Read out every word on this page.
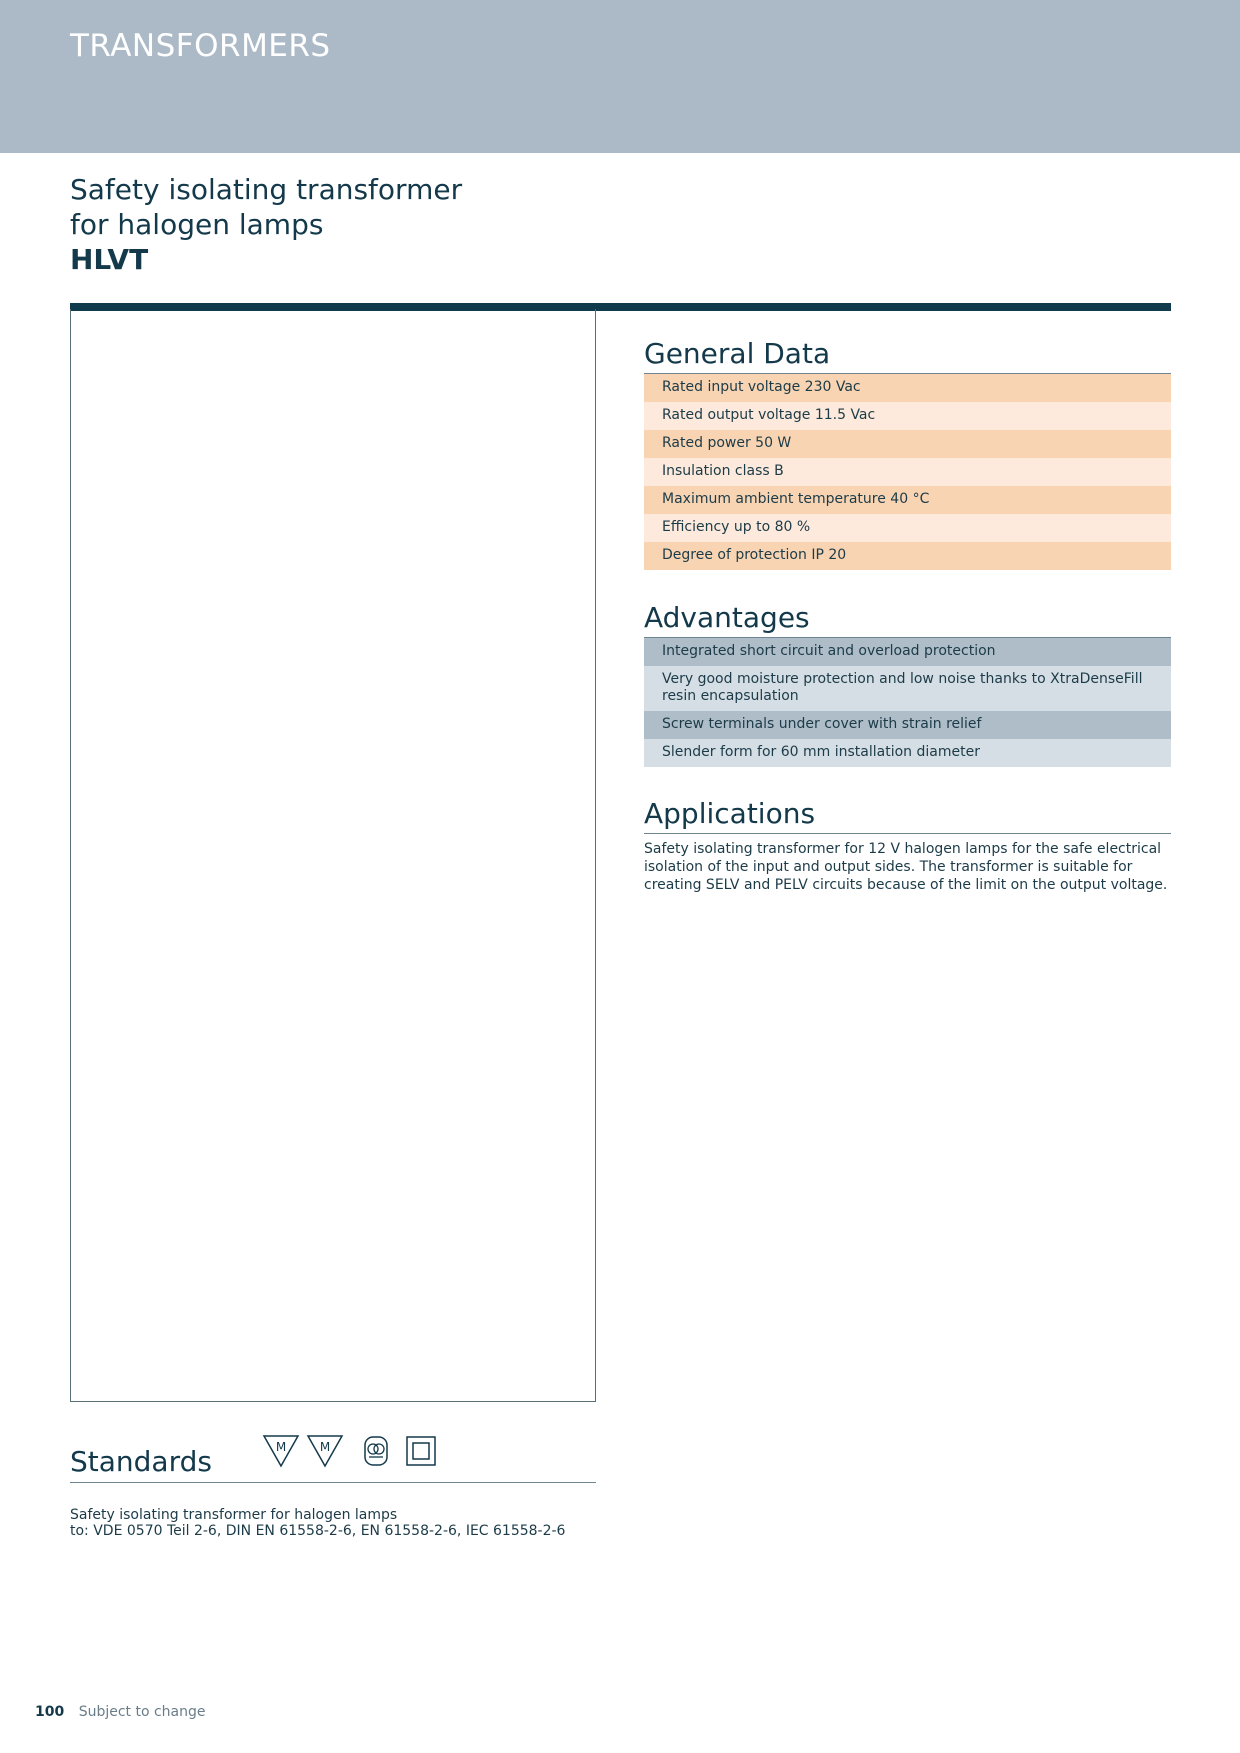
TRANSFORMERS
Safety isolating transformer
for halogen lamps
HLVT
General Data
Rated input voltage 230 Vac
Rated output voltage 11.5 Vac
Rated power 50 W
Insulation class B
Maximum ambient temperature 40 °C
Efficiency up to 80 %
Degree of protection IP 20
Advantages
Integrated short circuit and overload protection
Very good moisture protection and low noise thanks to XtraDenseFill resin encapsulation
Screw terminals under cover with strain relief
Slender form for 60 mm installation diameter
Applications

Safety isolating transformer for 12 V halogen lamps for the safe electrical isolation of the input and output sides. The transformer is suitable for creating SELV and PELV circuits because of the limit on the output voltage.

Standards	M	M
Safety isolating transformer for halogen lamps
to: VDE 0570 Teil 2-6, DIN EN 61558-2-6, EN 61558-2-6, IEC 61558-2-6
100 Subject to change
